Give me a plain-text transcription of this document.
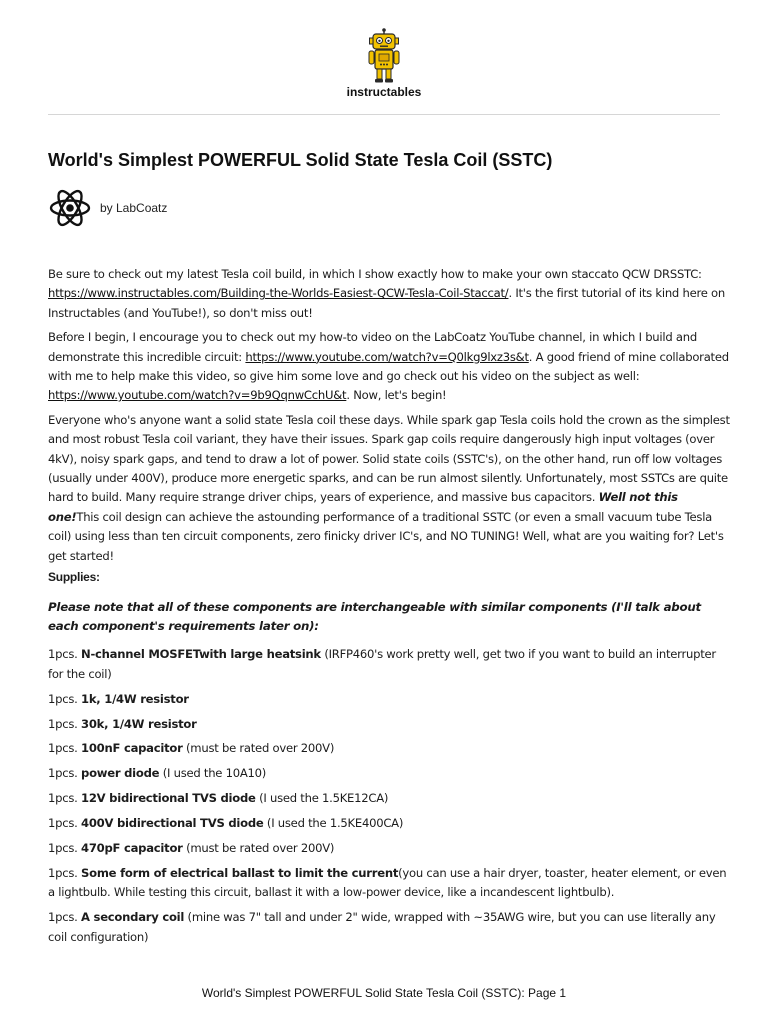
instructables
World's Simplest POWERFUL Solid State Tesla Coil (SSTC)
by LabCoatz

Be sure to check out my latest Tesla coil build, in which I show exactly how to make your own staccato QCW DRSSTC: https://www.instructables.com/Building-the-Worlds-Easiest-QCW-Tesla-Coil-Staccat/. It's the first tutorial of its kind here on Instructables (and YouTube!), so don't miss out!

Before I begin, I encourage you to check out my how-to video on the LabCoatz YouTube channel, in which I build and demonstrate this incredible circuit: https://www.youtube.com/watch?v=Q0lkg9lxz3s&t. A good friend of mine collaborated with me to help make this video, so give him some love and go check out his video on the subject as well: https://www.youtube.com/watch?v=9b9QqnwCchU&t. Now, let's begin!

Everyone who's anyone want a solid state Tesla coil these days. While spark gap Tesla coils hold the crown as the simplest and most robust Tesla coil variant, they have their issues. Spark gap coils require dangerously high input voltages (over 4kV), noisy spark gaps, and tend to draw a lot of power. Solid state coils (SSTC's), on the other hand, run off low voltages (usually under 400V), produce more energetic sparks, and can be run almost silently. Unfortunately, most SSTCs are quite hard to build. Many require strange driver chips, years of experience, and massive bus capacitors. Well not this one!This coil design can achieve the astounding performance of a traditional SSTC (or even a small vacuum tube Tesla coil) using less than ten circuit components, zero finicky driver IC's, and NO TUNING! Well, what are you waiting for? Let's get started!

Supplies:

Please note that all of these components are interchangeable with similar components (I'll talk about each component's requirements later on):

1pcs. N-channel MOSFETwith large heatsink (IRFP460's work pretty well, get two if you want to build an interrupter for the coil)

1pcs. 1k, 1/4W resistor

1pcs. 30k, 1/4W resistor

1pcs. 100nF capacitor (must be rated over 200V)

1pcs. power diode (I used the 10A10)

1pcs. 12V bidirectional TVS diode (I used the 1.5KE12CA)

1pcs. 400V bidirectional TVS diode (I used the 1.5KE400CA)

1pcs. 470pF capacitor (must be rated over 200V)

1pcs. Some form of electrical ballast to limit the current(you can use a hair dryer, toaster, heater element, or even a lightbulb. While testing this circuit, ballast it with a low-power device, like a incandescent lightbulb).

1pcs. A secondary coil (mine was 7" tall and under 2" wide, wrapped with ~35AWG wire, but you can use literally any coil configuration)

World's Simplest POWERFUL Solid State Tesla Coil (SSTC): Page 1
